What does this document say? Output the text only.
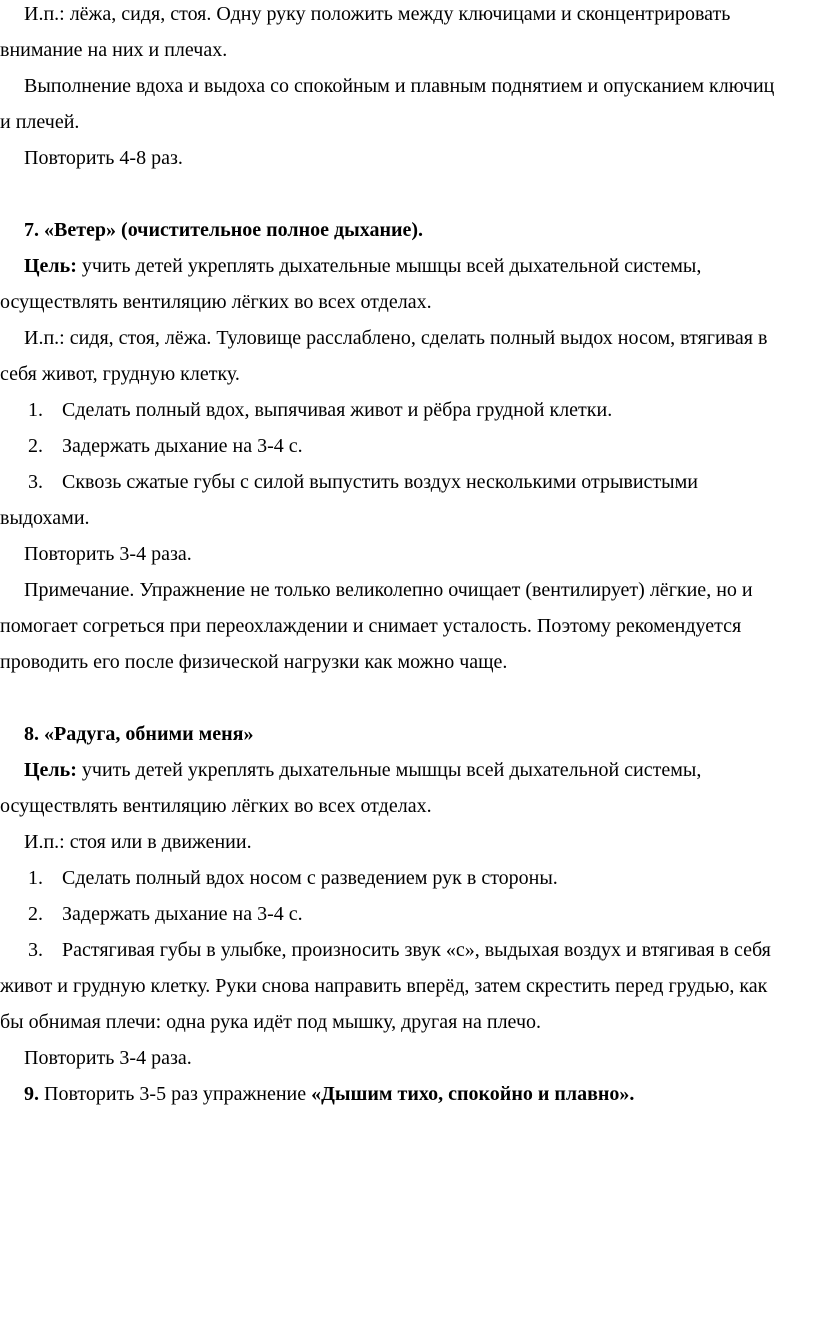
И.п.: лёжа, сидя, стоя. Одну руку положить между ключицами и сконцентрировать
внимание на них и плечах.
Выполнение вдоха и выдоха со спокойным и плавным поднятием и опусканием ключиц
и плечей.
Повторить 4-8 раз.
7. «Ветер» (очистительное полное дыхание).
Цель: учить детей укреплять дыхательные мышцы всей дыхательной системы,
осуществлять вентиляцию лёгких во всех отделах.
И.п.: сидя, стоя, лёжа. Туловище расслаблено, сделать полный выдох носом, втягивая в
себя живот, грудную клетку.
1. Сделать полный вдох, выпячивая живот и рёбра грудной клетки.
2. Задержать дыхание на 3-4 с.
3. Сквозь сжатые губы с силой выпустить воздух несколькими отрывистыми
выдохами.
Повторить 3-4 раза.
Примечание. Упражнение не только великолепно очищает (вентилирует) лёгкие, но и
помогает согреться при переохлаждении и снимает усталость. Поэтому рекомендуется
проводить его после физической нагрузки как можно чаще.
8. «Радуга, обними меня»
Цель: учить детей укреплять дыхательные мышцы всей дыхательной системы,
осуществлять вентиляцию лёгких во всех отделах.
И.п.: стоя или в движении.
1. Сделать полный вдох носом с разведением рук в стороны.
2. Задержать дыхание на 3-4 с.
3. Растягивая губы в улыбке, произносить звук «с», выдыхая воздух и втягивая в себя
живот и грудную клетку. Руки снова направить вперёд, затем скрестить перед грудью, как
бы обнимая плечи: одна рука идёт под мышку, другая на плечо.
Повторить 3-4 раза.
9. Повторить 3-5 раз упражнение «Дышим тихо, спокойно и плавно».
